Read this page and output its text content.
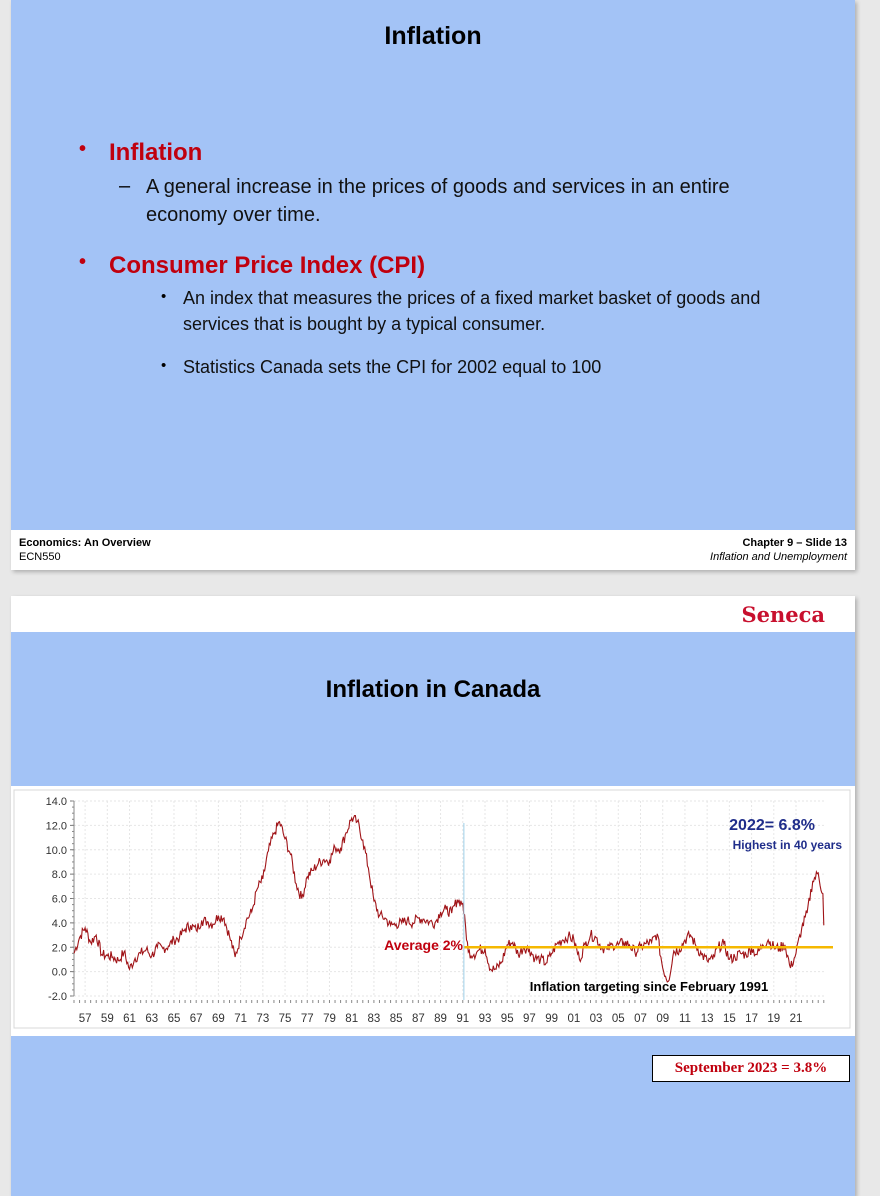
Inflation
• Inflation
– A general increase in the prices of goods and services in an entire economy over time.
• Consumer Price Index (CPI)
• An index that measures the prices of a fixed market basket of goods and services that is bought by a typical consumer.
• Statistics Canada sets the CPI for 2002 equal to 100
Economics: An Overview
ECN550
Chapter 9 – Slide 13
Inflation and Unemployment
Seneca
Inflation in Canada
14.0
12.0
10.0
8.0
6.0
4.0
2.0
0.0
-2.0
57 59 61 63 65 67 69 71 73 75 77 79 81 83 85 87 89 91 93 95 97 99 01 03 05 07 09 11 13 15 17 19 21
2022= 6.8%
Highest in 40 years
Average 2%
Inflation targeting since February 1991
September 2023 = 3.8%
